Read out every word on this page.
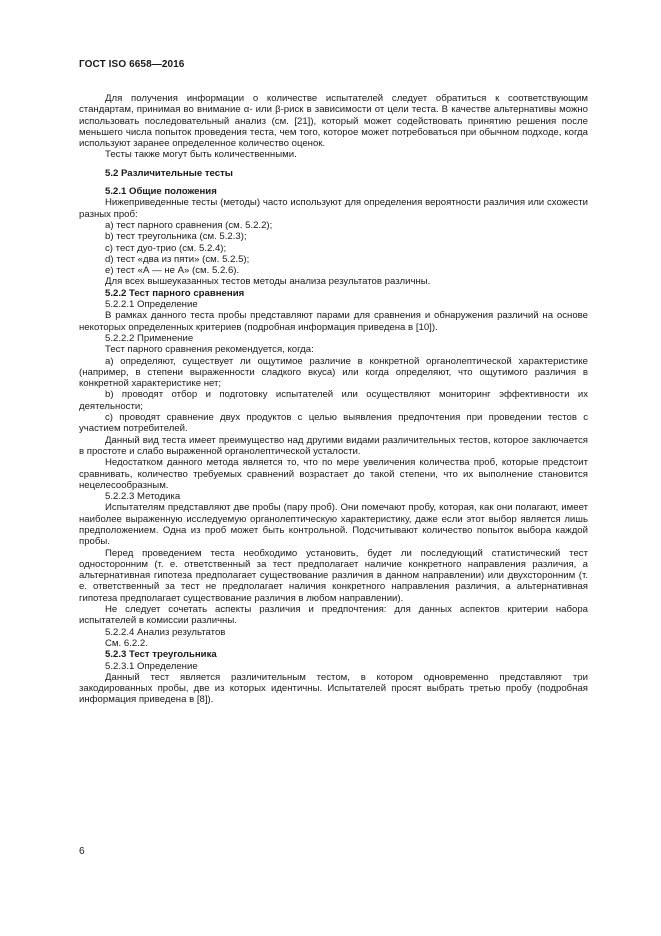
ГОСТ ISO 6658—2016

Для получения информации о количестве испытателей следует обратиться к соответствующим стандартам, принимая во внимание α- или β-риск в зависимости от цели теста. В качестве альтернативы можно использовать последовательный анализ (см. [21]), который может содействовать принятию решения после меньшего числа попыток проведения теста, чем того, которое может потребоваться при обычном подходе, когда используют заранее определенное количество оценок.

Тесты также могут быть количественными.

5.2 Различительные тесты

5.2.1 Общие положения

Нижеприведенные тесты (методы) часто используют для определения вероятности различия или схожести разных проб:

a) тест парного сравнения (см. 5.2.2);

b) тест треугольника (см. 5.2.3);

c) тест дуо-трио (см. 5.2.4);

d) тест «два из пяти» (см. 5.2.5);

e) тест «А — не А» (см. 5.2.6).

Для всех вышеуказанных тестов методы анализа результатов различны.

5.2.2 Тест парного сравнения

5.2.2.1 Определение

В рамках данного теста пробы представляют парами для сравнения и обнаружения различий на основе некоторых определенных критериев (подробная информация приведена в [10]).

5.2.2.2 Применение

Тест парного сравнения рекомендуется, когда:

a) определяют, существует ли ощутимое различие в конкретной органолептической характеристике (например, в степени выраженности сладкого вкуса) или когда определяют, что ощутимого различия в конкретной характеристике нет;

b) проводят отбор и подготовку испытателей или осуществляют мониторинг эффективности их деятельности;

c) проводят сравнение двух продуктов с целью выявления предпочтения при проведении тестов с участием потребителей.

Данный вид теста имеет преимущество над другими видами различительных тестов, которое заключается в простоте и слабо выраженной органолептической усталости.

Недостатком данного метода является то, что по мере увеличения количества проб, которые предстоит сравнивать, количество требуемых сравнений возрастает до такой степени, что их выполнение становится нецелесообразным.

5.2.2.3 Методика

Испытателям представляют две пробы (пару проб). Они помечают пробу, которая, как они полагают, имеет наиболее выраженную исследуемую органолептическую характеристику, даже если этот выбор является лишь предположением. Одна из проб может быть контрольной. Подсчитывают количество попыток выбора каждой пробы.

Перед проведением теста необходимо установить, будет ли последующий статистический тест односторонним (т. е. ответственный за тест предполагает наличие конкретного направления различия, а альтернативная гипотеза предполагает существование различия в данном направлении) или двухсторонним (т. е. ответственный за тест не предполагает наличия конкретного направления различия, а альтернативная гипотеза предполагает существование различия в любом направлении).

Не следует сочетать аспекты различия и предпочтения: для данных аспектов критерии набора испытателей в комиссии различны.

5.2.2.4 Анализ результатов

См. 6.2.2.

5.2.3 Тест треугольника

5.2.3.1 Определение

Данный тест является различительным тестом, в котором одновременно представляют три закодированных пробы, две из которых идентичны. Испытателей просят выбрать третью пробу (подробная информация приведена в [8]).

6
